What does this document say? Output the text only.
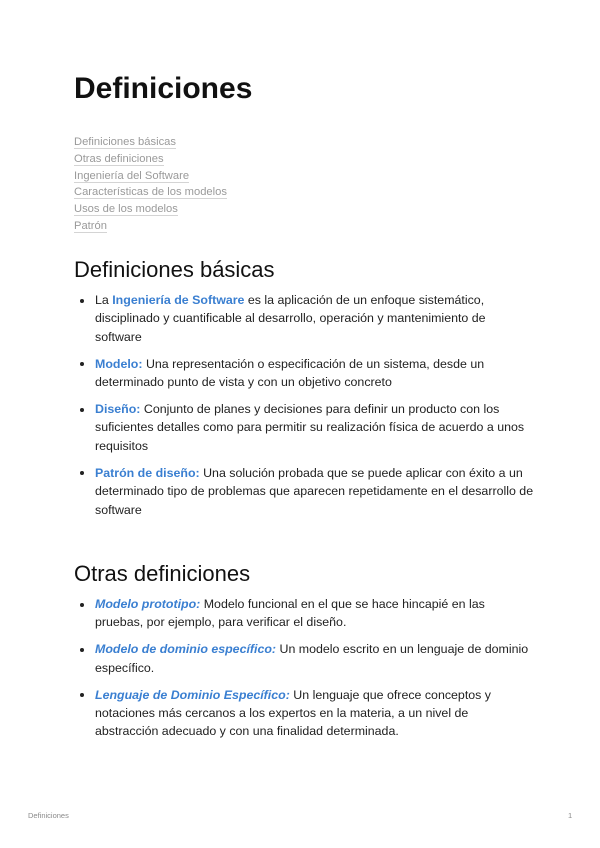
Definiciones
Definiciones básicas
Otras definiciones
Ingeniería del Software
Características de los modelos
Usos de los modelos
Patrón
Definiciones básicas
La Ingeniería de Software es la aplicación de un enfoque sistemático, disciplinado y cuantificable al desarrollo, operación y mantenimiento de software
Modelo: Una representación o especificación de un sistema, desde un determinado punto de vista y con un objetivo concreto
Diseño: Conjunto de planes y decisiones para definir un producto con los suficientes detalles como para permitir su realización física de acuerdo a unos requisitos
Patrón de diseño: Una solución probada que se puede aplicar con éxito a un determinado tipo de problemas que aparecen repetidamente en el desarrollo de software
Otras definiciones
Modelo prototipo: Modelo funcional en el que se hace hincapié en las pruebas, por ejemplo, para verificar el diseño.
Modelo de dominio específico: Un modelo escrito en un lenguaje de dominio específico.
Lenguaje de Dominio Específico: Un lenguaje que ofrece conceptos y notaciones más cercanos a los expertos en la materia, a un nivel de abstracción adecuado y con una finalidad determinada.
Definiciones	1
